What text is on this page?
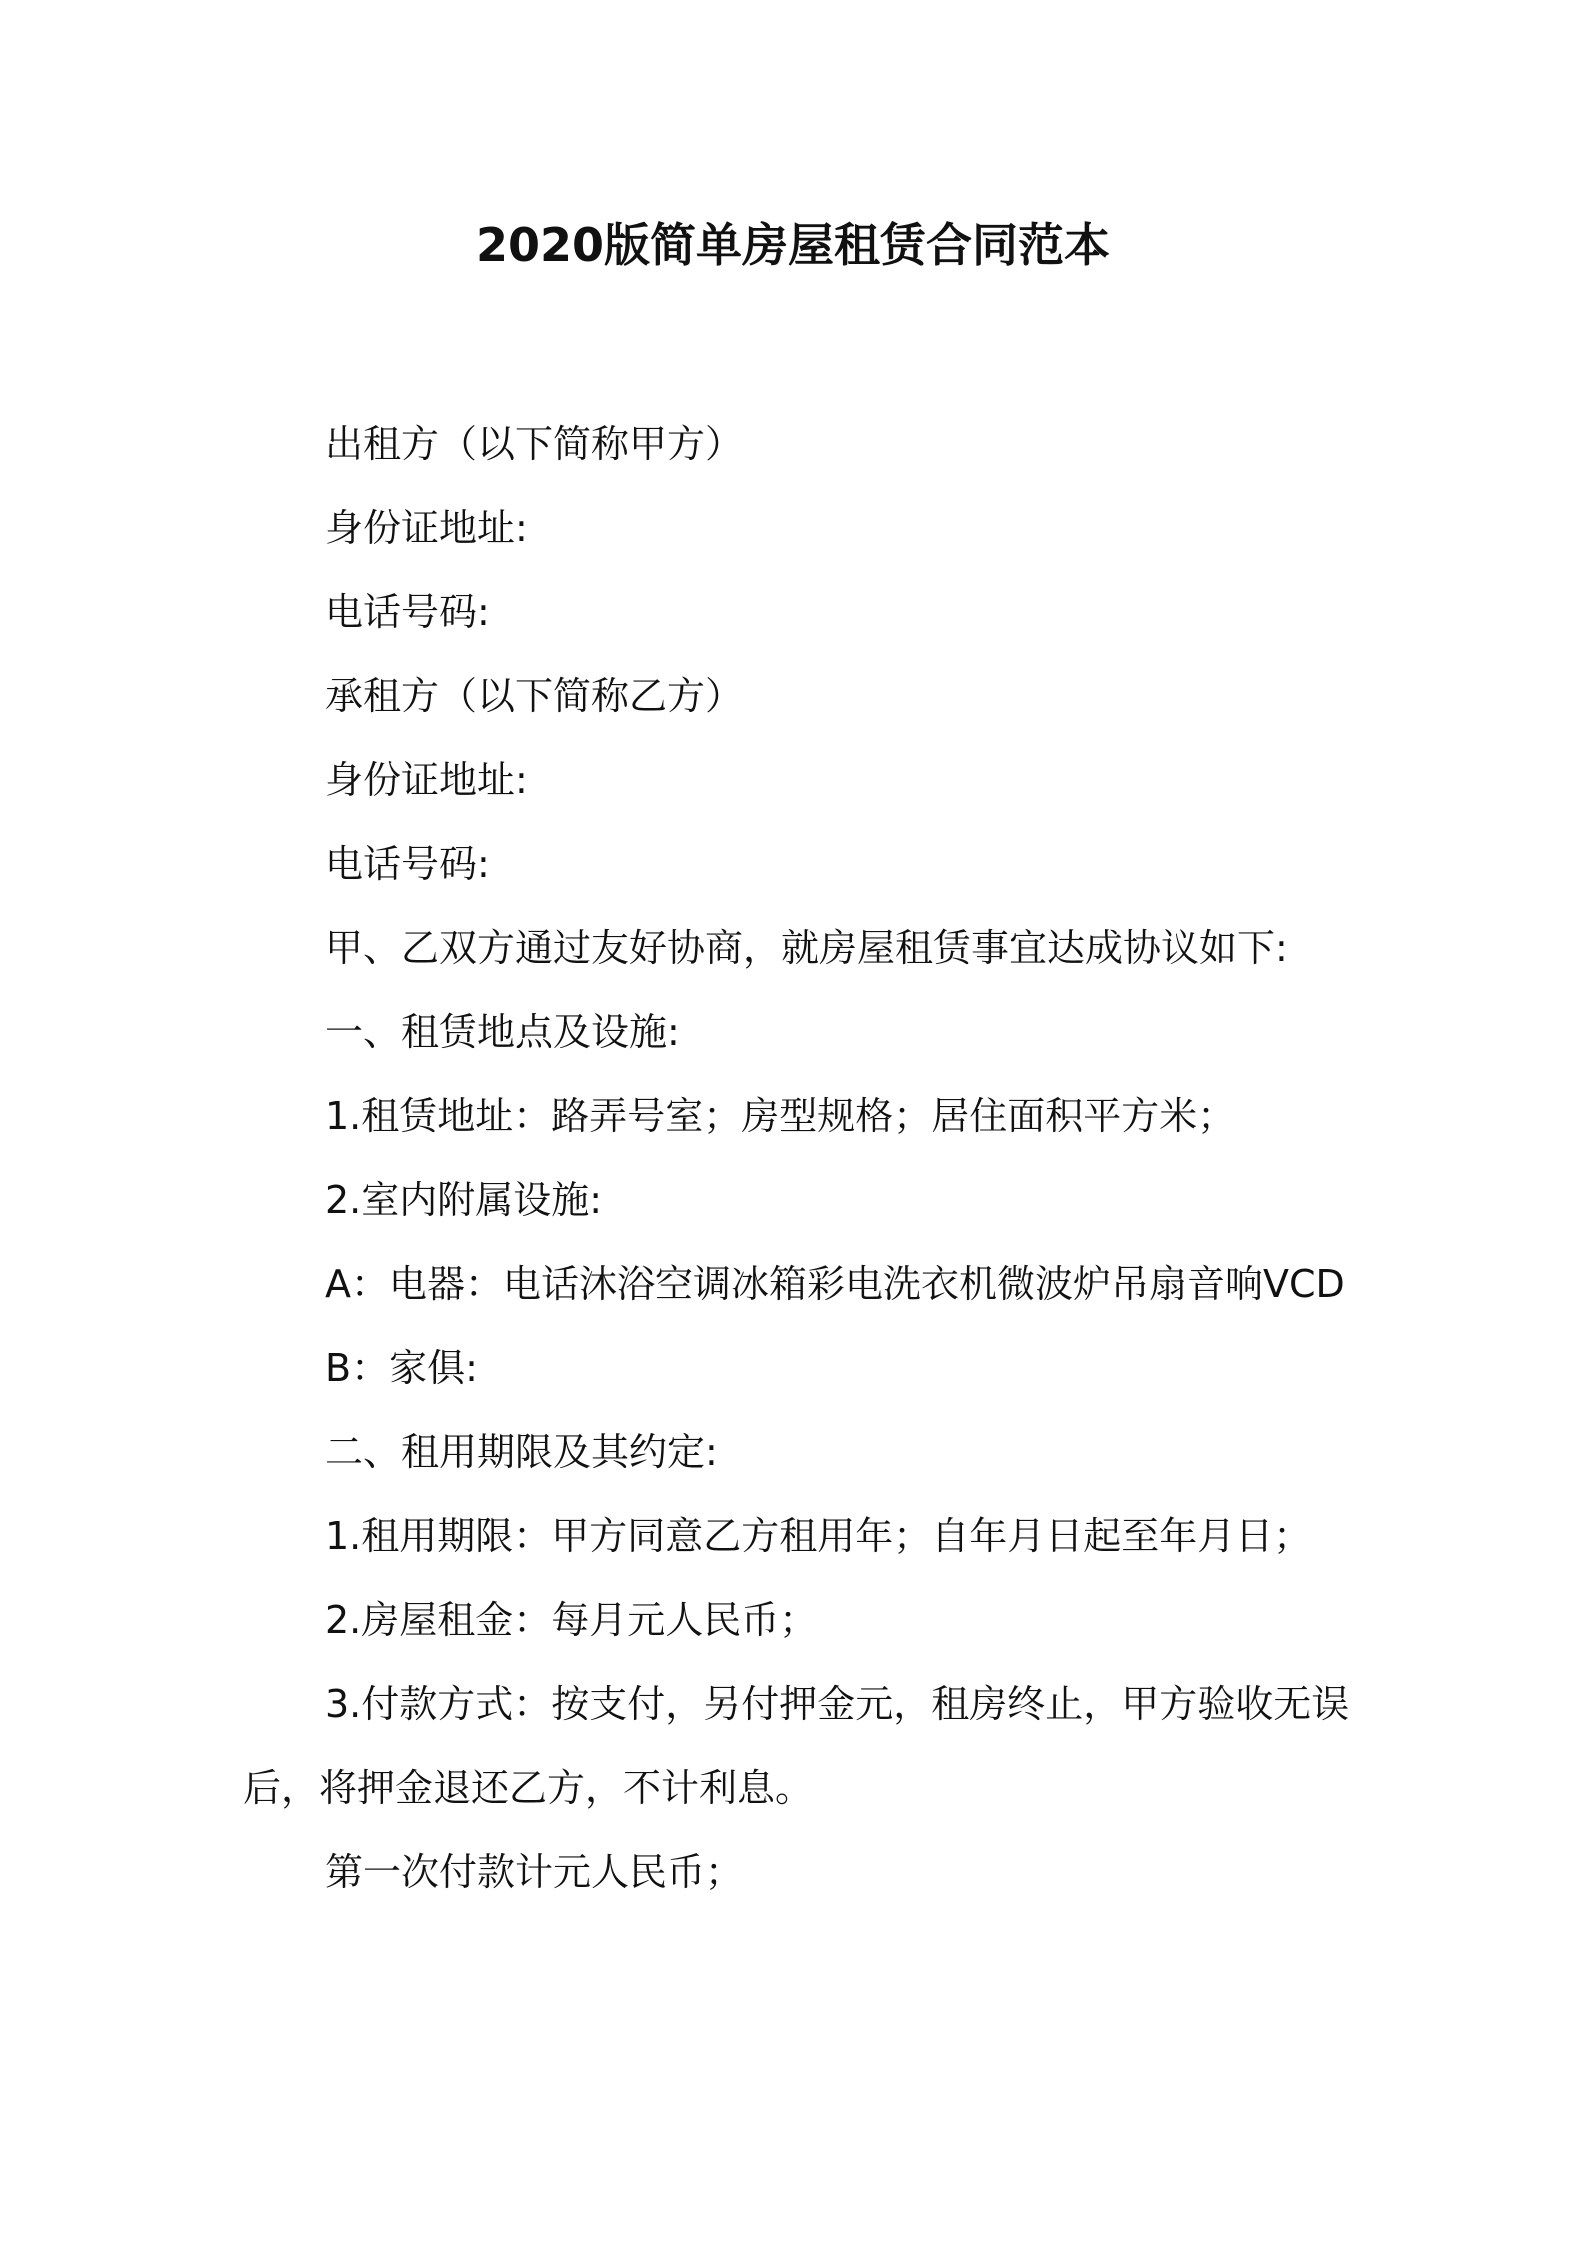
2020版简单房屋租赁合同范本

出租方（以下简称甲方）

身份证地址:

电话号码:

承租方（以下简称乙方）

身份证地址:

电话号码:

甲、乙双方通过友好协商，就房屋租赁事宜达成协议如下:

一、租赁地点及设施:

1.租赁地址：路弄号室；房型规格；居住面积平方米；

2.室内附属设施:

A：电器：电话沐浴空调冰箱彩电洗衣机微波炉吊扇音响VCD

B：家俱:

二、租用期限及其约定:

1.租用期限：甲方同意乙方租用年；自年月日起至年月日；

2.房屋租金：每月元人民币；

3.付款方式：按支付，另付押金元，租房终止，甲方验收无误后，将押金退还乙方，不计利息。

第一次付款计元人民币；
